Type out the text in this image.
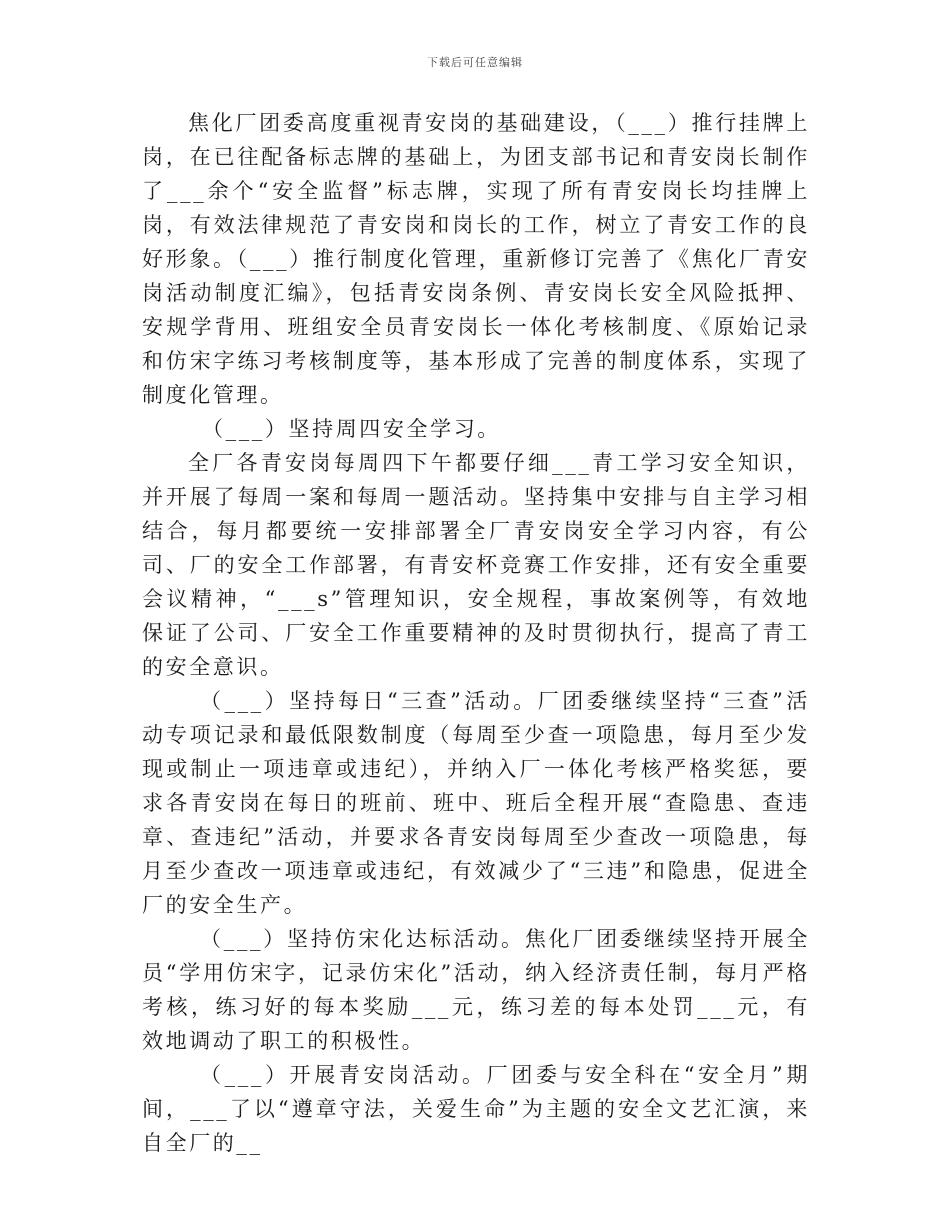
下载后可任意编辑

焦化厂团委高度重视青安岗的基础建设，（___）推行挂牌上岗，在已往配备标志牌的基础上，为团支部书记和青安岗长制作了___余个“安全监督”标志牌，实现了所有青安岗长均挂牌上岗，有效法律规范了青安岗和岗长的工作，树立了青安工作的良好形象。（___）推行制度化管理，重新修订完善了《焦化厂青安岗活动制度汇编》，包括青安岗条例、青安岗长安全风险抵押、安规学背用、班组安全员青安岗长一体化考核制度、《原始记录和仿宋字练习考核制度等，基本形成了完善的制度体系，实现了制度化管理。

（___）坚持周四安全学习。

全厂各青安岗每周四下午都要仔细___青工学习安全知识，并开展了每周一案和每周一题活动。坚持集中安排与自主学习相结合，每月都要统一安排部署全厂青安岗安全学习内容，有公司、厂的安全工作部署，有青安杯竞赛工作安排，还有安全重要会议精神，“___s”管理知识，安全规程，事故案例等，有效地保证了公司、厂安全工作重要精神的及时贯彻执行，提高了青工的安全意识。

（___）坚持每日“三查”活动。厂团委继续坚持“三查”活动专项记录和最低限数制度（每周至少查一项隐患，每月至少发现或制止一项违章或违纪），并纳入厂一体化考核严格奖惩，要求各青安岗在每日的班前、班中、班后全程开展“查隐患、查违章、查违纪”活动，并要求各青安岗每周至少查改一项隐患，每月至少查改一项违章或违纪，有效减少了“三违”和隐患，促进全厂的安全生产。

（___）坚持仿宋化达标活动。焦化厂团委继续坚持开展全员“学用仿宋字，记录仿宋化”活动，纳入经济责任制，每月严格考核，练习好的每本奖励___元，练习差的每本处罚___元，有效地调动了职工的积极性。

（___）开展青安岗活动。厂团委与安全科在“安全月”期间，___了以“遵章守法，关爱生命”为主题的安全文艺汇演，来自全厂的__
